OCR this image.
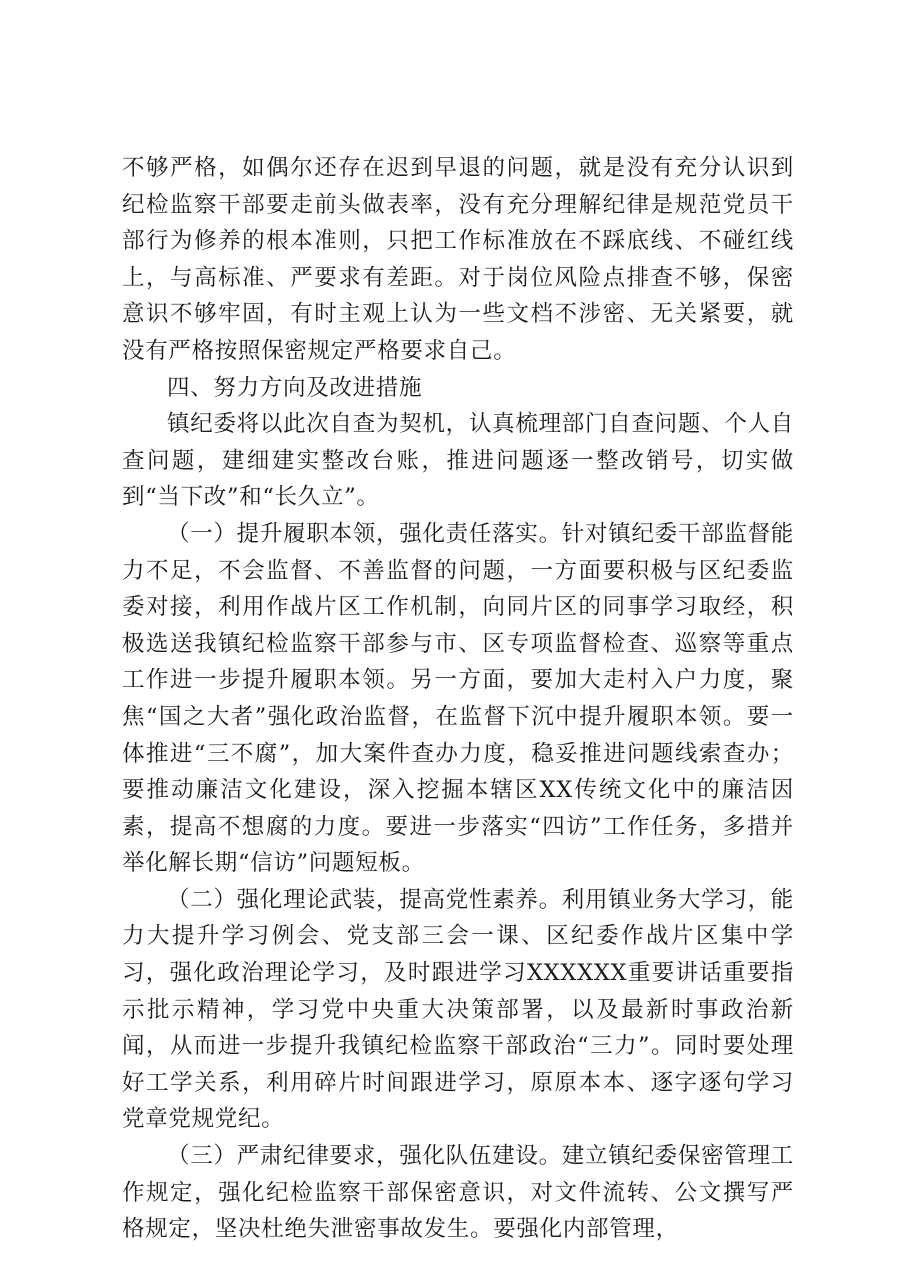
不够严格，如偶尔还存在迟到早退的问题，就是没有充分认识到纪检监察干部要走前头做表率，没有充分理解纪律是规范党员干部行为修养的根本准则，只把工作标准放在不踩底线、不碰红线上，与高标准、严要求有差距。对于岗位风险点排查不够，保密意识不够牢固，有时主观上认为一些文档不涉密、无关紧要，就没有严格按照保密规定严格要求自己。

四、努力方向及改进措施

镇纪委将以此次自查为契机，认真梳理部门自查问题、个人自查问题，建细建实整改台账，推进问题逐一整改销号，切实做到“当下改”和“长久立”。

（一）提升履职本领，强化责任落实。针对镇纪委干部监督能力不足，不会监督、不善监督的问题，一方面要积极与区纪委监委对接，利用作战片区工作机制，向同片区的同事学习取经，积极选送我镇纪检监察干部参与市、区专项监督检查、巡察等重点工作进一步提升履职本领。另一方面，要加大走村入户力度，聚焦“国之大者”强化政治监督，在监督下沉中提升履职本领。要一体推进“三不腐”，加大案件查办力度，稳妥推进问题线索查办；要推动廉洁文化建设，深入挖掘本辖区XX传统文化中的廉洁因素，提高不想腐的力度。要进一步落实“四访”工作任务，多措并举化解长期“信访”问题短板。

（二）强化理论武装，提高党性素养。利用镇业务大学习，能力大提升学习例会、党支部三会一课、区纪委作战片区集中学习，强化政治理论学习，及时跟进学习XXXXXX重要讲话重要指示批示精神，学习党中央重大决策部署，以及最新时事政治新闻，从而进一步提升我镇纪检监察干部政治“三力”。同时要处理好工学关系，利用碎片时间跟进学习，原原本本、逐字逐句学习党章党规党纪。

（三）严肃纪律要求，强化队伍建设。建立镇纪委保密管理工作规定，强化纪检监察干部保密意识，对文件流转、公文撰写严格规定，坚决杜绝失泄密事故发生。要强化内部管理，
